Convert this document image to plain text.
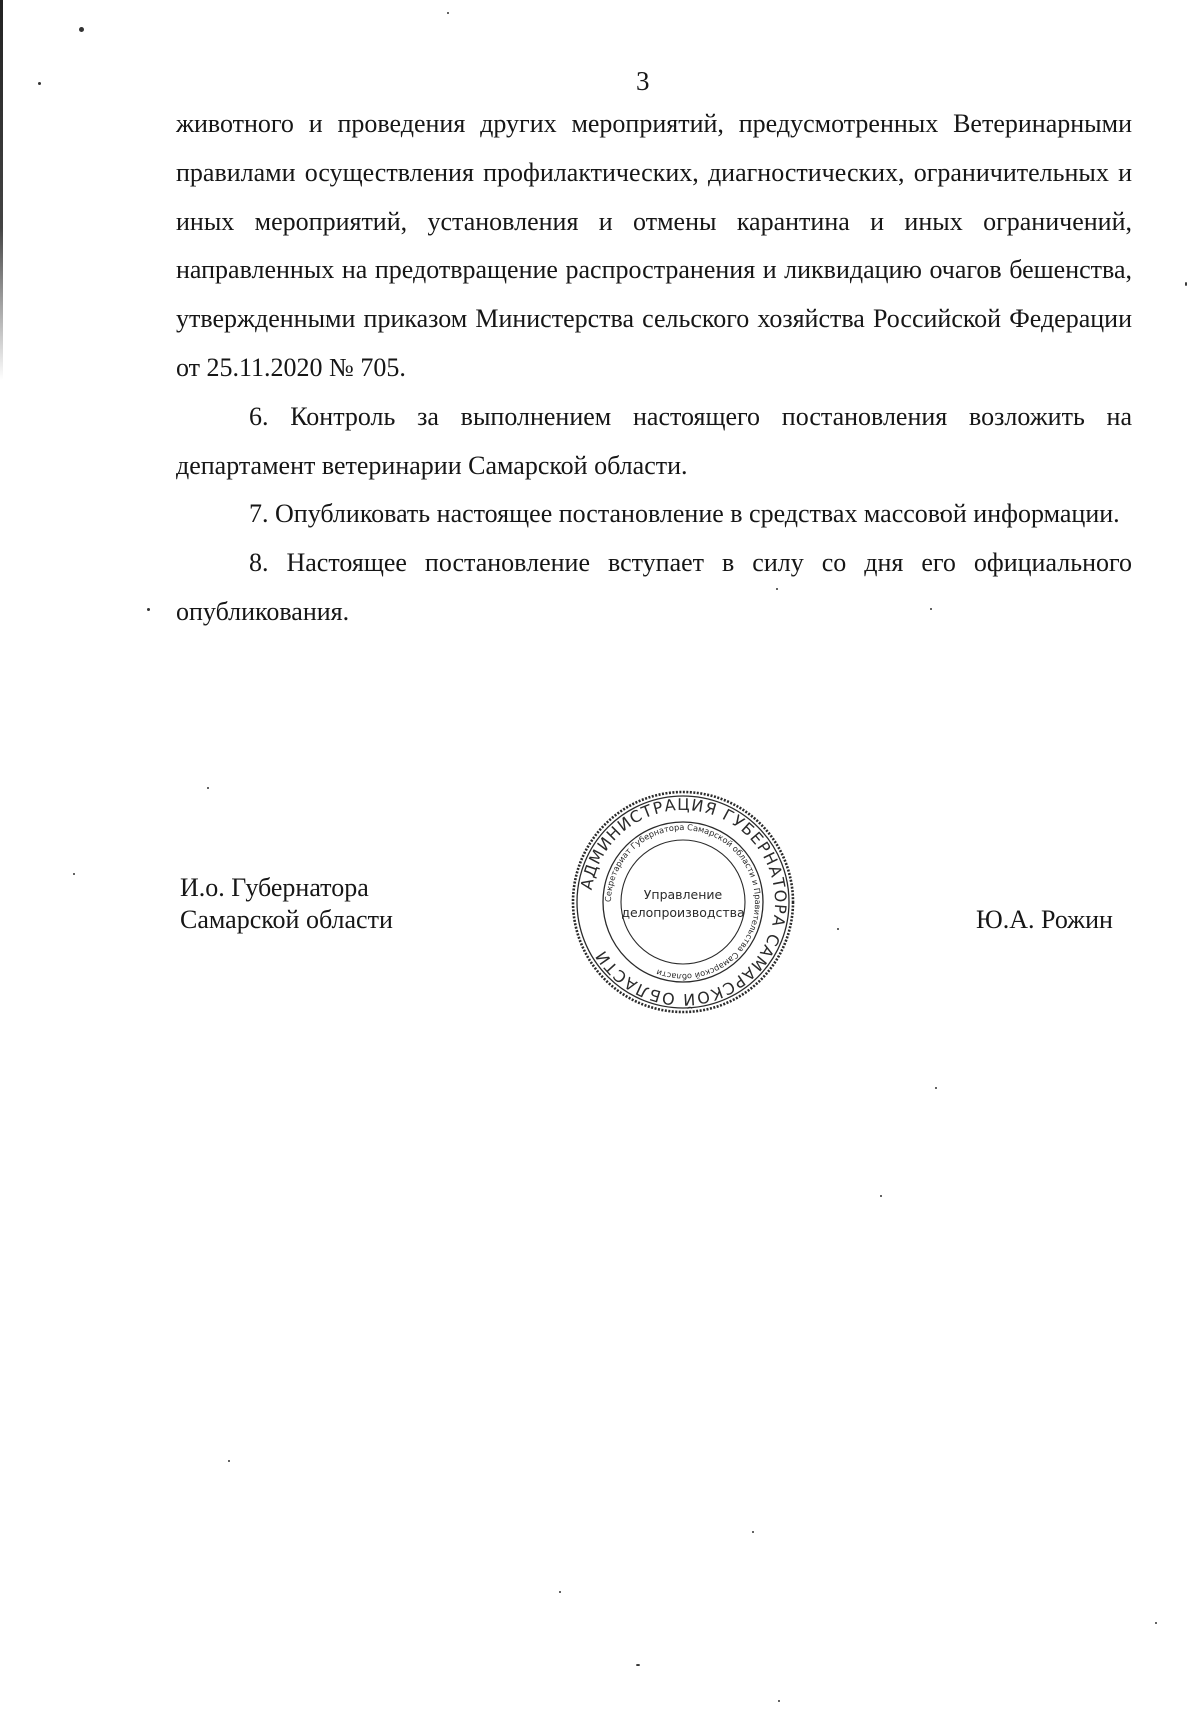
3

животного и проведения других мероприятий, предусмотренных Ветеринарными правилами осуществления профилактических, диагностических, ограничительных и иных мероприятий, установления и отмены карантина и иных ограничений, направленных на предотвращение распространения и ликвидацию очагов бешенства, утвержденными приказом Министерства сельского хозяйства Российской Федерации от 25.11.2020 № 705.

6. Контроль за выполнением настоящего постановления возложить на департамент ветеринарии Самарской области.

7. Опубликовать настоящее постановление в средствах массовой информации.

8. Настоящее постановление вступает в силу со дня его официального опубликования.

И.о. Губернатора
Самарской области
АДМИНИСТРАЦИЯ ГУБЕРНАТОРА САМАРСКОЙ ОБЛАСТИ
Секретариат Губернатора Самарской области и Правительства Самарской области
Управление
делопроизводства	Ю.А. Рожин
